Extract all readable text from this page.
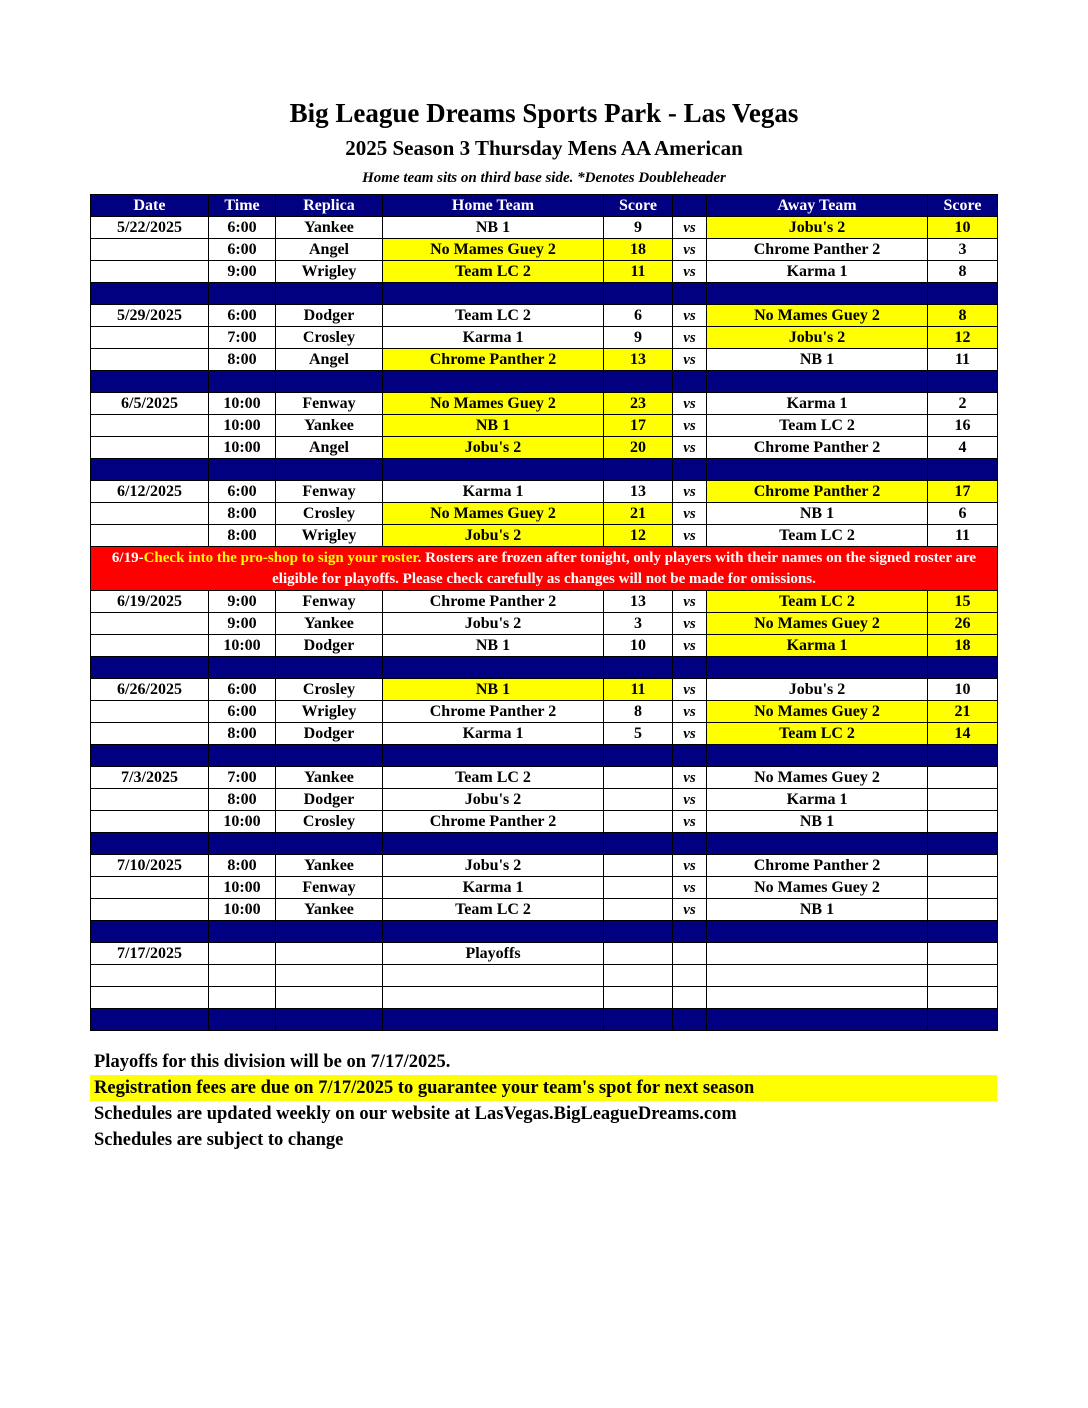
Big League Dreams Sports Park - Las Vegas
2025 Season 3 Thursday Mens AA American
Home team sits on third base side. *Denotes Doubleheader
Date	Time	Replica	Home Team	Score		Away Team	Score
5/22/2025	6:00	Yankee	NB 1	9	vs	Jobu's 2	10
	6:00	Angel	No Mames Guey 2	18	vs	Chrome Panther 2	3
	9:00	Wrigley	Team LC 2	11	vs	Karma 1	8

5/29/2025	6:00	Dodger	Team LC 2	6	vs	No Mames Guey 2	8
	7:00	Crosley	Karma 1	9	vs	Jobu's 2	12
	8:00	Angel	Chrome Panther 2	13	vs	NB 1	11

6/5/2025	10:00	Fenway	No Mames Guey 2	23	vs	Karma 1	2
	10:00	Yankee	NB 1	17	vs	Team LC 2	16
	10:00	Angel	Jobu's 2	20	vs	Chrome Panther 2	4

6/12/2025	6:00	Fenway	Karma 1	13	vs	Chrome Panther 2	17
	8:00	Crosley	No Mames Guey 2	21	vs	NB 1	6
	8:00	Wrigley	Jobu's 2	12	vs	Team LC 2	11
6/19-Check into the pro-shop to sign your roster. Rosters are frozen after tonight, only players with their names on the signed roster are eligible for playoffs. Please check carefully as changes will not be made for omissions.							
6/19/2025	9:00	Fenway	Chrome Panther 2	13	vs	Team LC 2	15
	9:00	Yankee	Jobu's 2	3	vs	No Mames Guey 2	26
	10:00	Dodger	NB 1	10	vs	Karma 1	18

6/26/2025	6:00	Crosley	NB 1	11	vs	Jobu's 2	10
	6:00	Wrigley	Chrome Panther 2	8	vs	No Mames Guey 2	21
	8:00	Dodger	Karma 1	5	vs	Team LC 2	14

7/3/2025	7:00	Yankee	Team LC 2		vs	No Mames Guey 2	
	8:00	Dodger	Jobu's 2		vs	Karma 1	
	10:00	Crosley	Chrome Panther 2		vs	NB 1	

7/10/2025	8:00	Yankee	Jobu's 2		vs	Chrome Panther 2	
	10:00	Fenway	Karma 1		vs	No Mames Guey 2	
	10:00	Yankee	Team LC 2		vs	NB 1	

7/17/2025			Playoffs				

Playoffs for this division will be on 7/17/2025.
Registration fees are due on 7/17/2025 to guarantee your team's spot for next season
Schedules are updated weekly on our website at LasVegas.BigLeagueDreams.com
Schedules are subject to change
